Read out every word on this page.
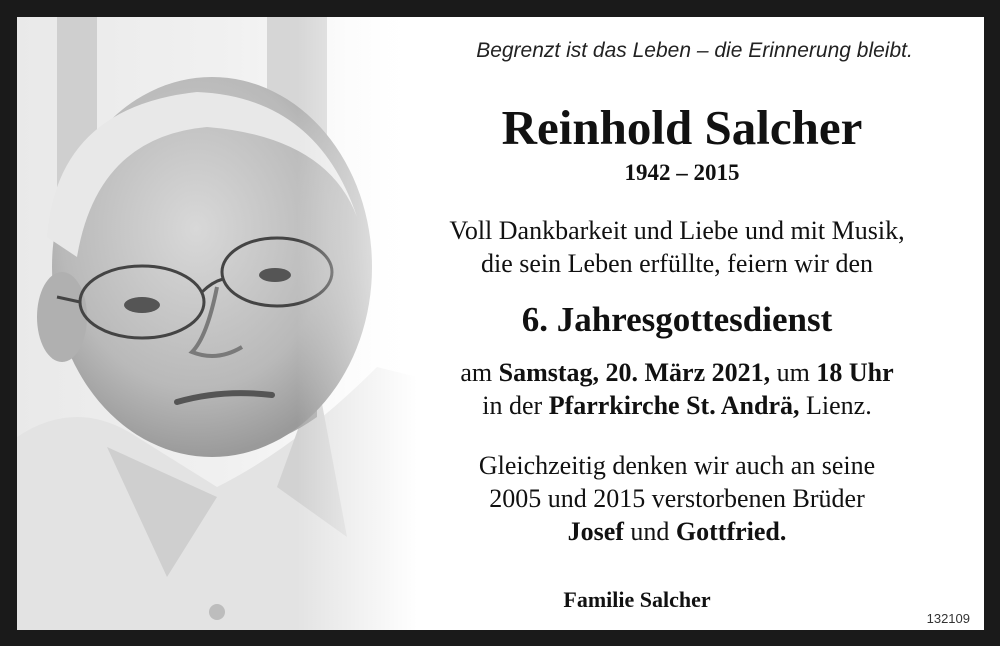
Begrenzt ist das Leben – die Erinnerung bleibt.
Reinhold Salcher
1942 – 2015
Voll Dankbarkeit und Liebe und mit Musik,
die sein Leben erfüllte, feiern wir den
6. Jahresgottesdienst
am Samstag, 20. März 2021, um 18 Uhr
in der Pfarrkirche St. Andrä, Lienz.
Gleichzeitig denken wir auch an seine
2005 und 2015 verstorbenen Brüder
Josef und Gottfried.
Familie Salcher
132109
